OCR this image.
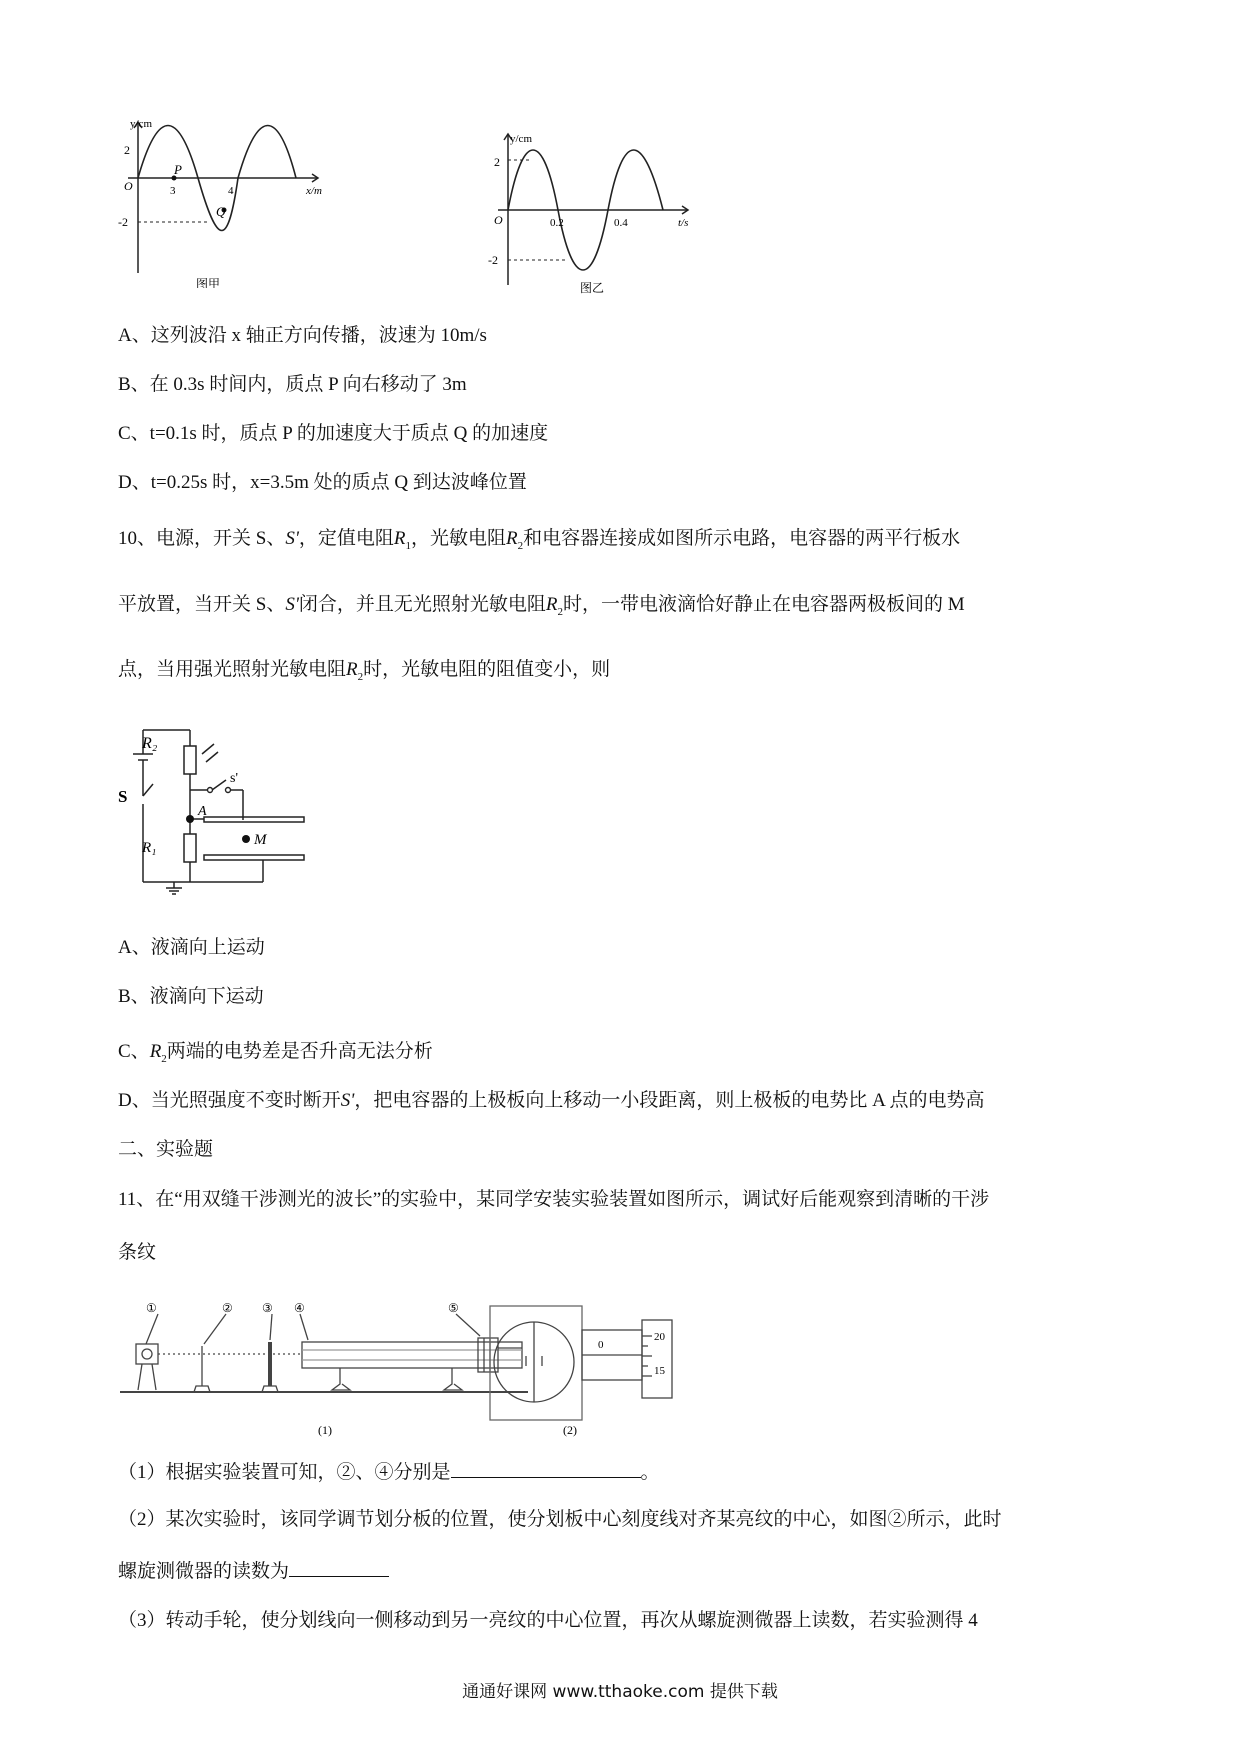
y/cm
x/m
2
-2
O
P
Q
3	4
图甲
y/cm
t/s
2
-2
O	0.2	0.4
图乙
A、这列波沿 x 轴正方向传播，波速为 10m/s
B、在 0.3s 时间内，质点 P 向右移动了 3m
C、t=0.1s 时，质点 P 的加速度大于质点 Q 的加速度
D、t=0.25s 时，x=3.5m 处的质点 Q 到达波峰位置
10、电源，开关 S、S'，定值电阻$R_1$，光敏电阻$R_2$和电容器连接成如图所示电路，电容器的两平行板水
平放置，当开关 S、S'闭合，并且无光照射光敏电阻$R_2$时，一带电液滴恰好静止在电容器两极板间的 M
点，当用强光照射光敏电阻$R_2$时，光敏电阻的阻值变小，则
R₂
R₁
S
s'
A
M
A、液滴向上运动
B、液滴向下运动
C、$R_2$两端的电势差是否升高无法分析
D、当光照强度不变时断开S'，把电容器的上极板向上移动一小段距离，则上极板的电势比 A 点的电势高
二、实验题
11、在“用双缝干涉测光的波长”的实验中，某同学安装实验装置如图所示，调试好后能观察到清晰的干涉
条纹
①	② ③ ④	⑤
0
20
15
(1)	(2)
（1）根据实验装置可知，②、④分别是	。
（2）某次实验时，该同学调节划分板的位置，使分划板中心刻度线对齐某亮纹的中心，如图②所示，此时
螺旋测微器的读数为
（3）转动手轮，使分划线向一侧移动到另一亮纹的中心位置，再次从螺旋测微器上读数，若实验测得 4
通通好课网 www.tthaoke.com 提供下载
